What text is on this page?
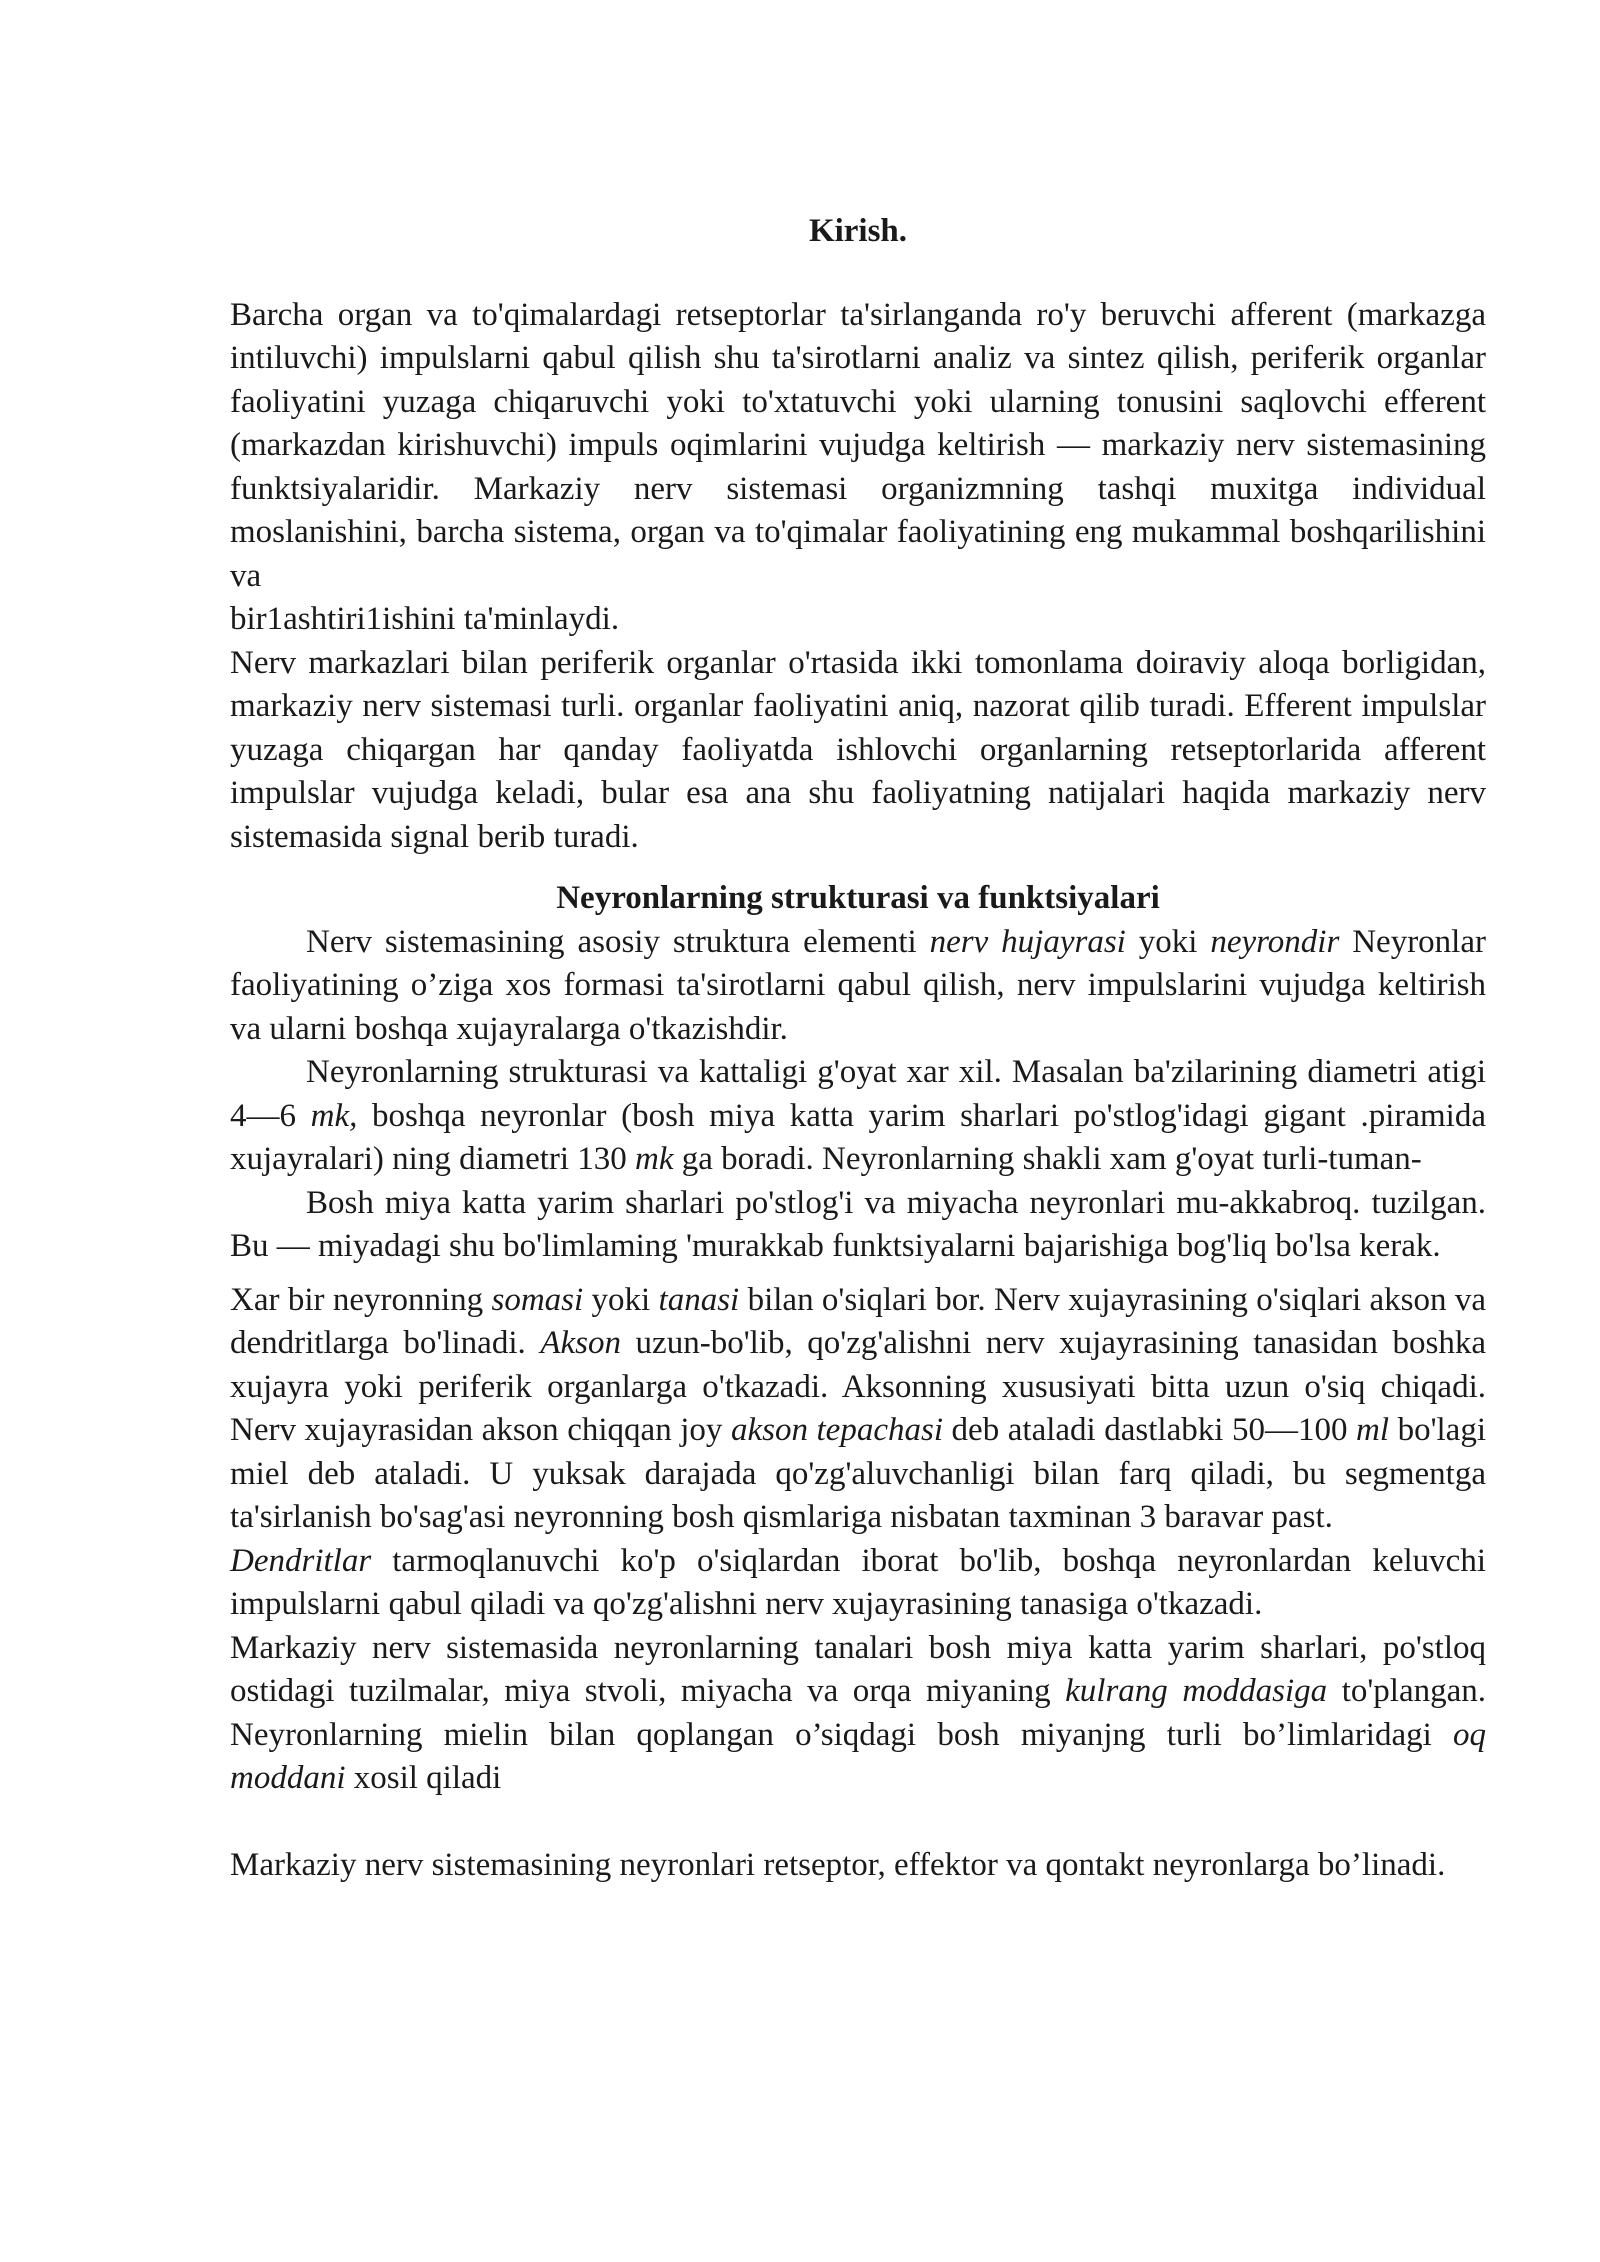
Kirish.

Barcha organ va to'qimalardagi retseptorlar ta'sirlanganda ro'y beruvchi afferent (markazga intiluvchi) impulslarni qabul qilish shu ta'sirotlarni analiz va sintez qilish, periferik organlar faoliyatini yuzaga chiqaruvchi yoki to'xtatuvchi yoki ularning tonusini saqlovchi efferent (markazdan kirishuvchi) impuls oqimlarini vujudga keltirish — markaziy nerv sistemasining funktsiyalaridir. Markaziy nerv sistemasi organizmning tashqi muxitga individual moslanishini, barcha sistema, organ va to'qimalar faoliyatining eng mukammal boshqarilishini va

bir1ashtiri1ishini ta'minlaydi.

Nerv markazlari bilan periferik organlar o'rtasida ikki tomonlama doiraviy aloqa borligidan, markaziy nerv sistemasi turli. organlar faoliyatini aniq, nazorat qilib turadi. Efferent impulslar yuzaga chiqargan har qanday faoliyatda ishlovchi organlarning retseptorlarida afferent impulslar vujudga keladi, bular esa ana shu faoliyatning natijalari haqida markaziy nerv sistemasida signal berib turadi.

Neyronlarning strukturasi va funktsiyalari

Nerv sistemasining asosiy struktura elementi nerv hujayrasi yoki neyrondir Neyronlar faoliyatining o’ziga xos formasi ta'sirotlarni qabul qilish, nerv impulslarini vujudga keltirish va ularni boshqa xujayralarga o'tkazishdir.

Neyronlarning strukturasi va kattaligi g'oyat xar xil. Masalan ba'zilarining diametri atigi 4—6 mk, boshqa neyronlar (bosh miya katta yarim sharlari po'stlog'idagi gigant .piramida xujayralari) ning diametri 130 mk ga boradi. Neyronlarning shakli xam g'oyat turli-tuman-

Bosh miya katta yarim sharlari po'stlog'i va miyacha neyronlari mu-akkabroq. tuzilgan. Bu — miyadagi shu bo'limlaming 'murakkab funktsiyalarni bajarishiga bog'liq bo'lsa kerak.

Xar bir neyronning somasi yoki tanasi bilan o'siqlari bor. Nerv xujayrasining o'siqlari akson va dendritlarga bo'linadi. Akson uzun-bo'lib, qo'zg'alishni nerv xujayrasining tanasidan boshka xujayra yoki periferik organlarga o'tkazadi. Aksonning xususiyati bitta uzun o'siq chiqadi. Nerv xujayrasidan akson chiqqan joy akson tepachasi deb ataladi dastlabki 50—100 ml bo'lagi miel deb ataladi. U yuksak darajada qo'zg'aluvchanligi bilan farq qiladi, bu segmentga ta'sirlanish bo'sag'asi neyronning bosh qismlariga nisbatan taxminan 3 baravar past.

Dendritlar tarmoqlanuvchi ko'p o'siqlardan iborat bo'lib, boshqa neyronlardan keluvchi impulslarni qabul qiladi va qo'zg'alishni nerv xujayrasining tanasiga o'tkazadi.

Markaziy nerv sistemasida neyronlarning tanalari bosh miya katta yarim sharlari, po'stloq ostidagi tuzilmalar, miya stvoli, miyacha va orqa miyaning kulrang moddasiga to'plangan. Neyronlarning mielin bilan qoplangan o’siqdagi bosh miyanjng turli bo’limlaridagi oq moddani xosil qiladi

Markaziy nerv sistemasining neyronlari retseptor, effektor va qontakt neyronlarga bo’linadi.
